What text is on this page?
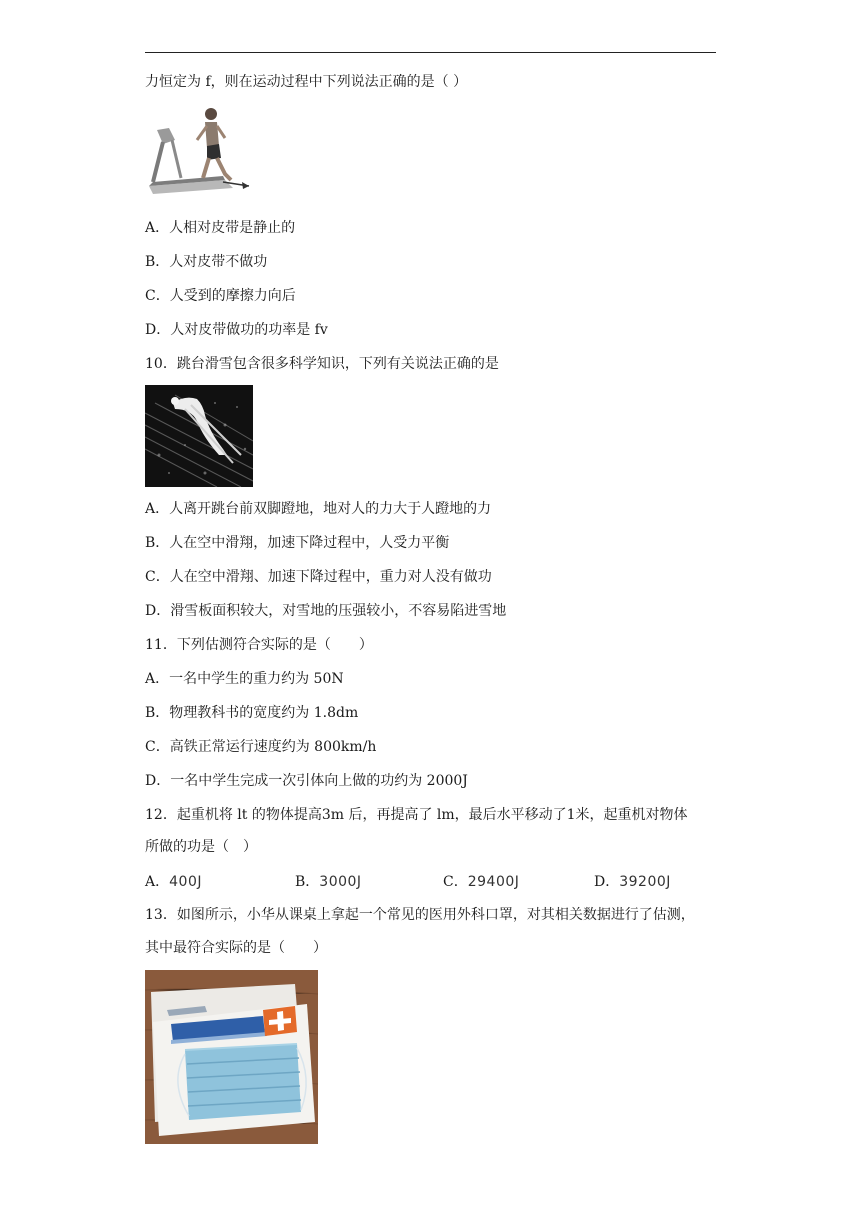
力恒定为 f，则在运动过程中下列说法正确的是（ ）
A．人相对皮带是静止的
B．人对皮带不做功
C．人受到的摩擦力向后
D．人对皮带做功的功率是 fv
10．跳台滑雪包含很多科学知识，下列有关说法正确的是
A．人离开跳台前双脚蹬地，地对人的力大于人蹬地的力
B．人在空中滑翔，加速下降过程中，人受力平衡
C．人在空中滑翔、加速下降过程中，重力对人没有做功
D．滑雪板面积较大，对雪地的压强较小，不容易陷进雪地
11．下列估测符合实际的是（　　）
A．一名中学生的重力约为 50N
B．物理教科书的宽度约为 1.8dm
C．高铁正常运行速度约为 800km/h
D．一名中学生完成一次引体向上做的功约为 2000J
12．起重机将 lt 的物体提高3m 后，再提高了 lm，最后水平移动了1米，起重机对物体
所做的功是（　）
A．400J	B．3000J	C．29400J	D．39200J
13．如图所示，小华从课桌上拿起一个常见的医用外科口罩，对其相关数据进行了估测，
其中最符合实际的是（　　）
